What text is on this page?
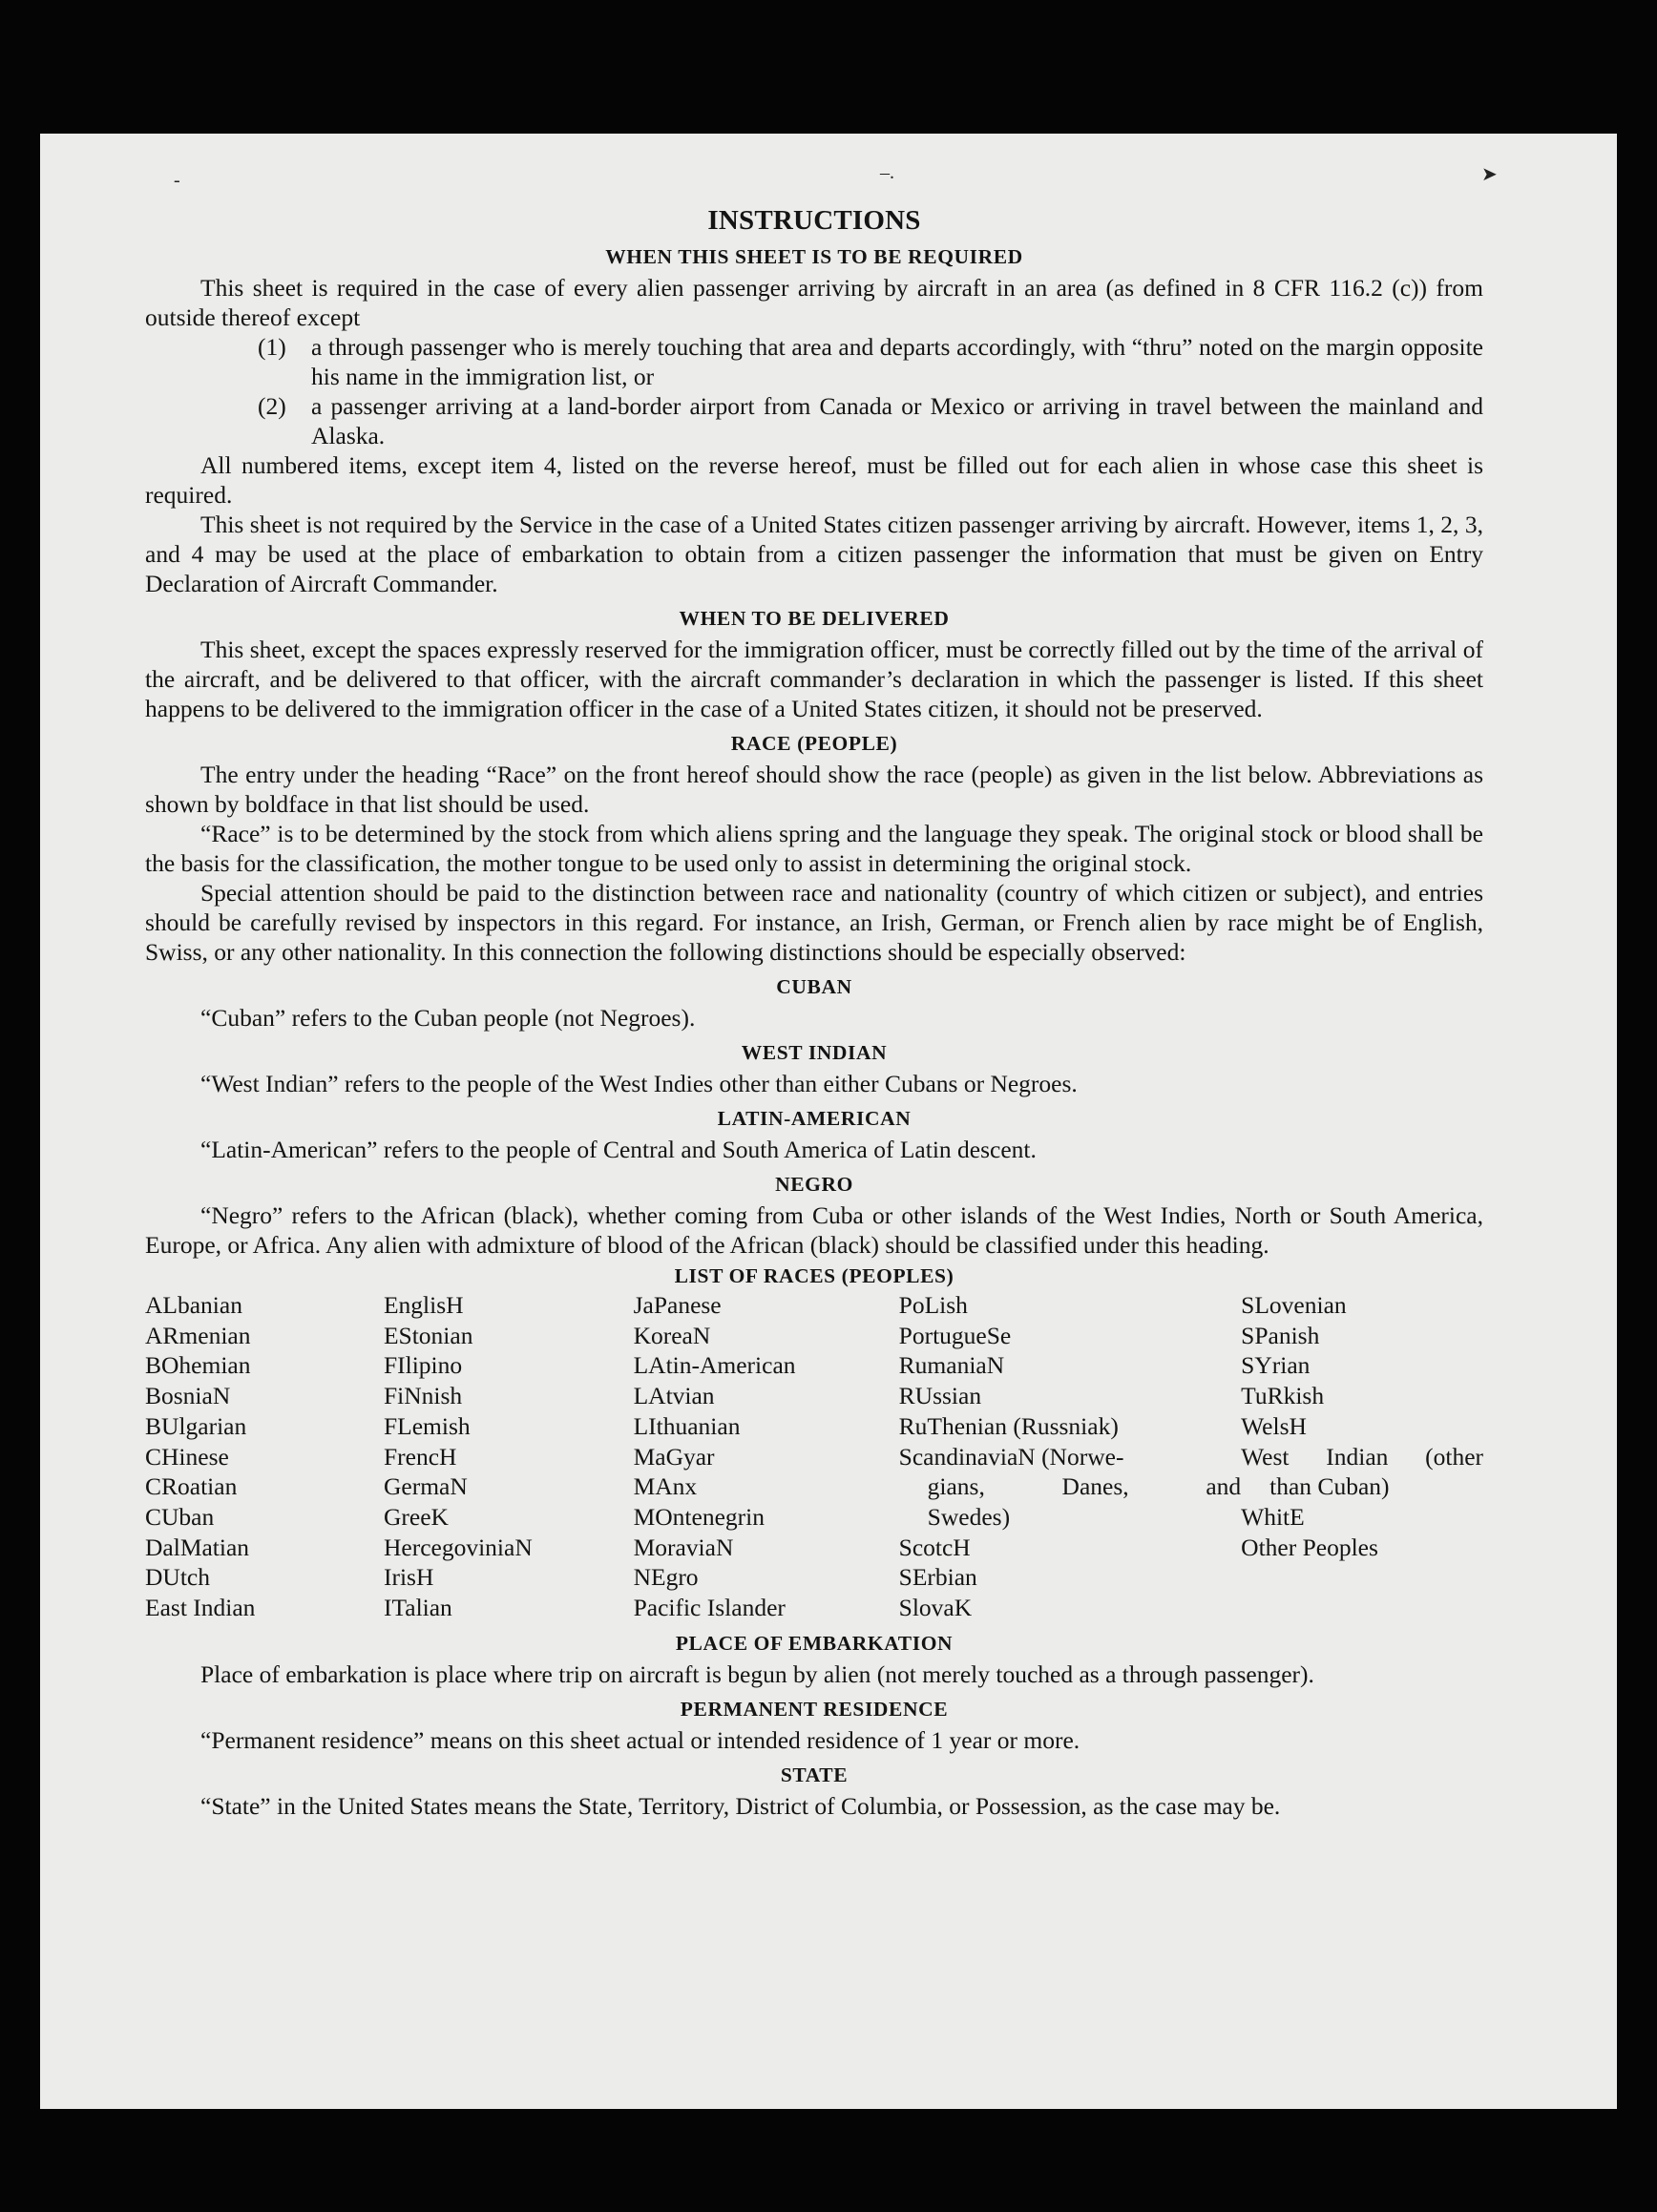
-	–.	➤
INSTRUCTIONS
WHEN THIS SHEET IS TO BE REQUIRED

This sheet is required in the case of every alien passenger arriving by aircraft in an area (as defined in 8 CFR 116.2 (c)) from outside thereof except

(1) a through passenger who is merely touching that area and departs accordingly, with “thru” noted on the margin opposite his name in the immigration list, or

(2) a passenger arriving at a land-border airport from Canada or Mexico or arriving in travel between the mainland and Alaska.

All numbered items, except item 4, listed on the reverse hereof, must be filled out for each alien in whose case this sheet is required.

This sheet is not required by the Service in the case of a United States citizen passenger arriving by aircraft. However, items 1, 2, 3, and 4 may be used at the place of embarkation to obtain from a citizen passenger the information that must be given on Entry Declaration of Aircraft Commander.

WHEN TO BE DELIVERED

This sheet, except the spaces expressly reserved for the immigration officer, must be correctly filled out by the time of the arrival of the aircraft, and be delivered to that officer, with the aircraft commander’s declaration in which the passenger is listed. If this sheet happens to be delivered to the immigration officer in the case of a United States citizen, it should not be preserved.

RACE (PEOPLE)

The entry under the heading “Race” on the front hereof should show the race (people) as given in the list below. Abbreviations as shown by boldface in that list should be used.

“Race” is to be determined by the stock from which aliens spring and the language they speak. The original stock or blood shall be the basis for the classification, the mother tongue to be used only to assist in determining the original stock.

Special attention should be paid to the distinction between race and nationality (country of which citizen or subject), and entries should be carefully revised by inspectors in this regard. For instance, an Irish, German, or French alien by race might be of English, Swiss, or any other nationality. In this connection the following distinctions should be especially observed:

CUBAN

“Cuban” refers to the Cuban people (not Negroes).

WEST INDIAN

“West Indian” refers to the people of the West Indies other than either Cubans or Negroes.

LATIN-AMERICAN

“Latin-American” refers to the people of Central and South America of Latin descent.

NEGRO

“Negro” refers to the African (black), whether coming from Cuba or other islands of the West Indies, North or South America, Europe, or Africa. Any alien with admixture of blood of the African (black) should be classified under this heading.

LIST OF RACES (PEOPLES)
ALbanian
ARmenian
BOhemian
BosniaN
BUlgarian
CHinese
CRoatian
CUban
DalMatian
DUtch
East Indian
EnglisH
EStonian
FIlipino
FiNnish
FLemish
FrencH
GermaN
GreeK
HercegoviniaN
IrisH
ITalian
JaPanese
KoreaN
LAtin-American
LAtvian
LIthuanian
MaGyar
MAnx
MOntenegrin
MoraviaN
NEgro
Pacific Islander
PoLish
PortugueSe
RumaniaN
RUssian
RuThenian (Russniak)
ScandinaviaN (Norwe-
gians, Danes, and
Swedes)
ScotcH
SErbian
SlovaK
SLovenian
SPanish
SYrian
TuRkish
WelsH
West Indian (other
than Cuban)
WhitE
Other Peoples
PLACE OF EMBARKATION

Place of embarkation is place where trip on aircraft is begun by alien (not merely touched as a through passenger).

PERMANENT RESIDENCE

“Permanent residence” means on this sheet actual or intended residence of 1 year or more.

STATE

“State” in the United States means the State, Territory, District of Columbia, or Possession, as the case may be.
